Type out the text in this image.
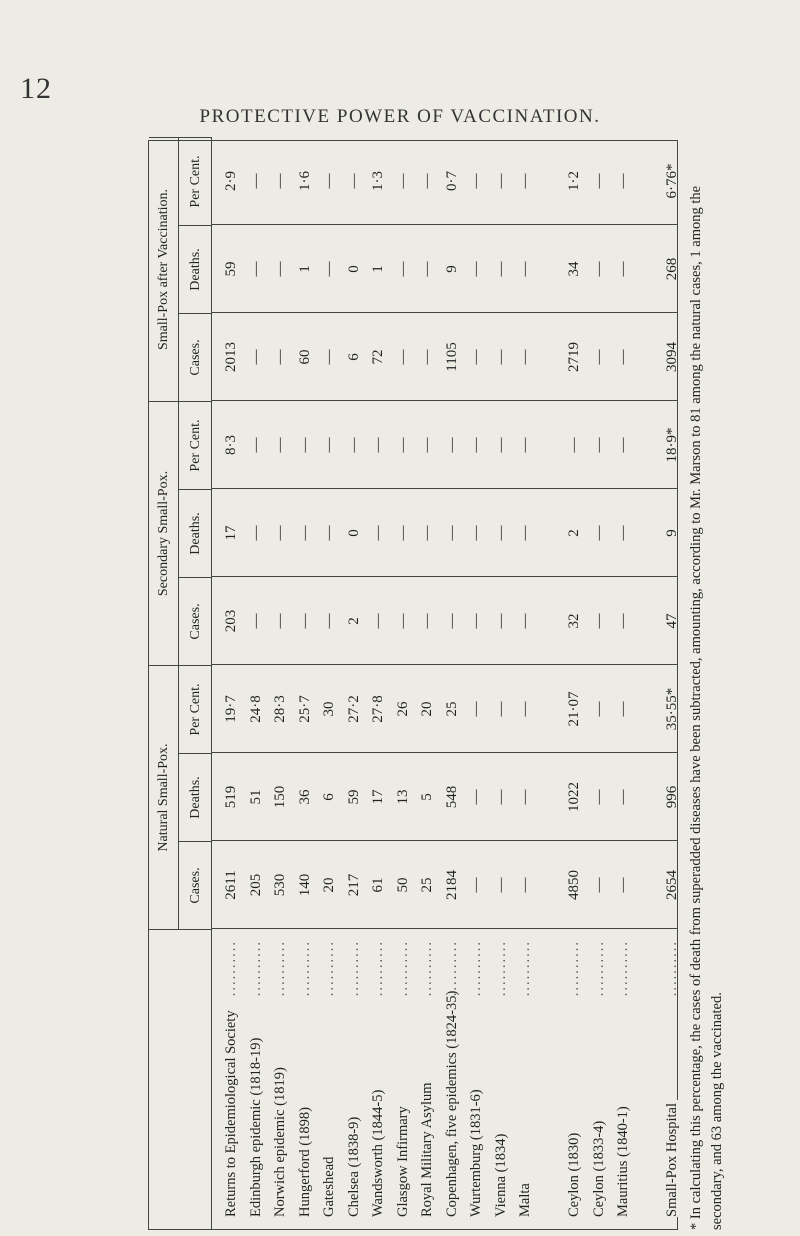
12
PROTECTIVE POWER OF VACCINATION.
Natural Small-Pox.
Cases.
Deaths.
Per Cent.
Secondary Small-Pox.
Cases.
Deaths.
Per Cent.
Small-Pox after Vaccination.
Cases.
Deaths.
Per Cent.
Returns to Epidemiological Society
..........
2611
519
19·7
203
17
8·3
2013
59
2·9
Edinburgh epidemic (1818-19)
..........
205
51
24·8
—
—
—
—
—
—
Norwich epidemic (1819)
..........
530
150
28·3
—
—
—
—
—
—
Hungerford (1898)
..........
140
36
25·7
—
—
—
60
1
1·6
Gateshead
..........
20
6
30
—
—
—
—
—
—
Chelsea (1838-9)
..........
217
59
27·2
2
0
—
6
0
—
Wandsworth (1844-5)
..........
61
17
27·8
—
—
—
72
1
1·3
Glasgow Infirmary
..........
50
13
26
—
—
—
—
—
—
Royal Military Asylum
..........
25
5
20
—
—
—
—
—
—
Copenhagen, five epidemics (1824-35)
..........
2184
548
25
—
—
—
1105
9
0·7
Wurtemburg (1831-6)
..........
—
—
—
—
—
—
—
—
—
Vienna (1834)
..........
—
—
—
—
—
—
—
—
—
Malta
..........
—
—
—
—
—
—
—
—
—
Ceylon (1830)
..........
4850
1022
21·07
32
2
—
2719
34
1·2
Ceylon (1833-4)
..........
—
—
—
—
—
—
—
—
—
Mauritius (1840-1)
..........
—
—
—
—
—
—
—
—
—
Small-Pox Hospital
..........
2654
996
35·55*
47
9
18·9*
3094
268
6·76*
* In calculating this percentage, the cases of death from superadded diseases have been subtracted, amounting, according to Mr. Marson to 81 among the natural cases, 1 among the secondary, and 63 among the vaccinated.
